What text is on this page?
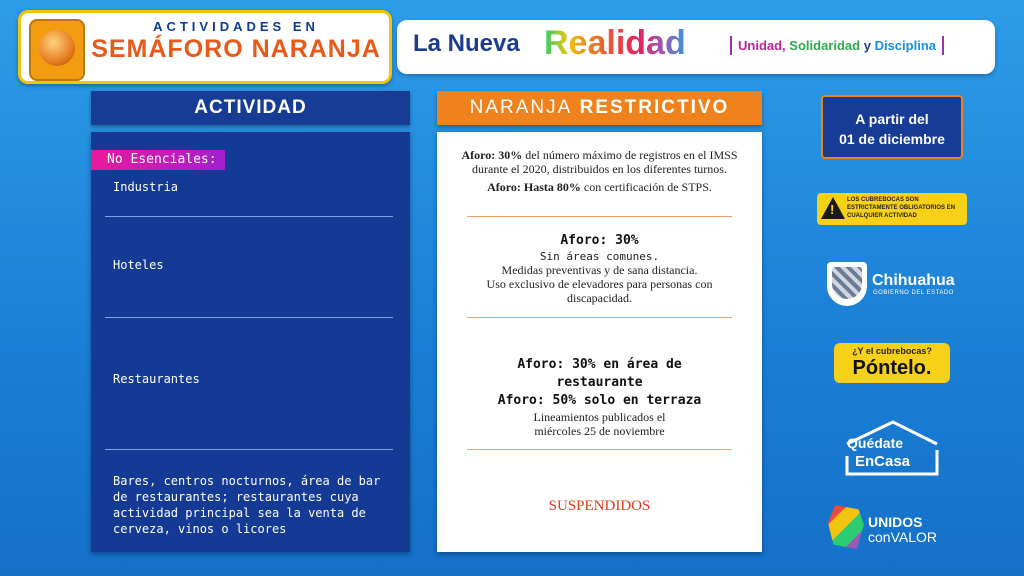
ACTIVIDADES EN
SEMÁFORO NARANJA La Nueva Realidad	Unidad, Solidaridad y Disciplina
ACTIVIDAD
No Esenciales:
Industria
Hoteles
Restaurantes
Bares, centros nocturnos, área de bar de restaurantes; restaurantes cuya actividad principal sea la venta de cerveza, vinos o licores
NARANJA RESTRICTIVO
Aforo: 30% del número máximo de registros en el IMSS durante el 2020, distribuidos en los diferentes turnos.
Aforo: Hasta 80% con certificación de STPS.
Aforo: 30%
Sin áreas comunes.
Medidas preventivas y de sana distancia.
Uso exclusivo de elevadores para personas con discapacidad.
Aforo: 30% en área de restaurante
Aforo: 50% solo en terraza
Lineamientos publicados el
miércoles 25 de noviembre
SUSPENDIDOS
A partir del
01 de diciembre
!
LOS CUBREBOCAS SON ESTRICTAMENTE OBLIGATORIOS EN CUALQUIER ACTIVIDAD
Chihuahua
GOBIERNO DEL ESTADO
¿Y el cubrebocas?
Póntelo.
Quédate
EnCasa
UNIDOS
conVALOR
